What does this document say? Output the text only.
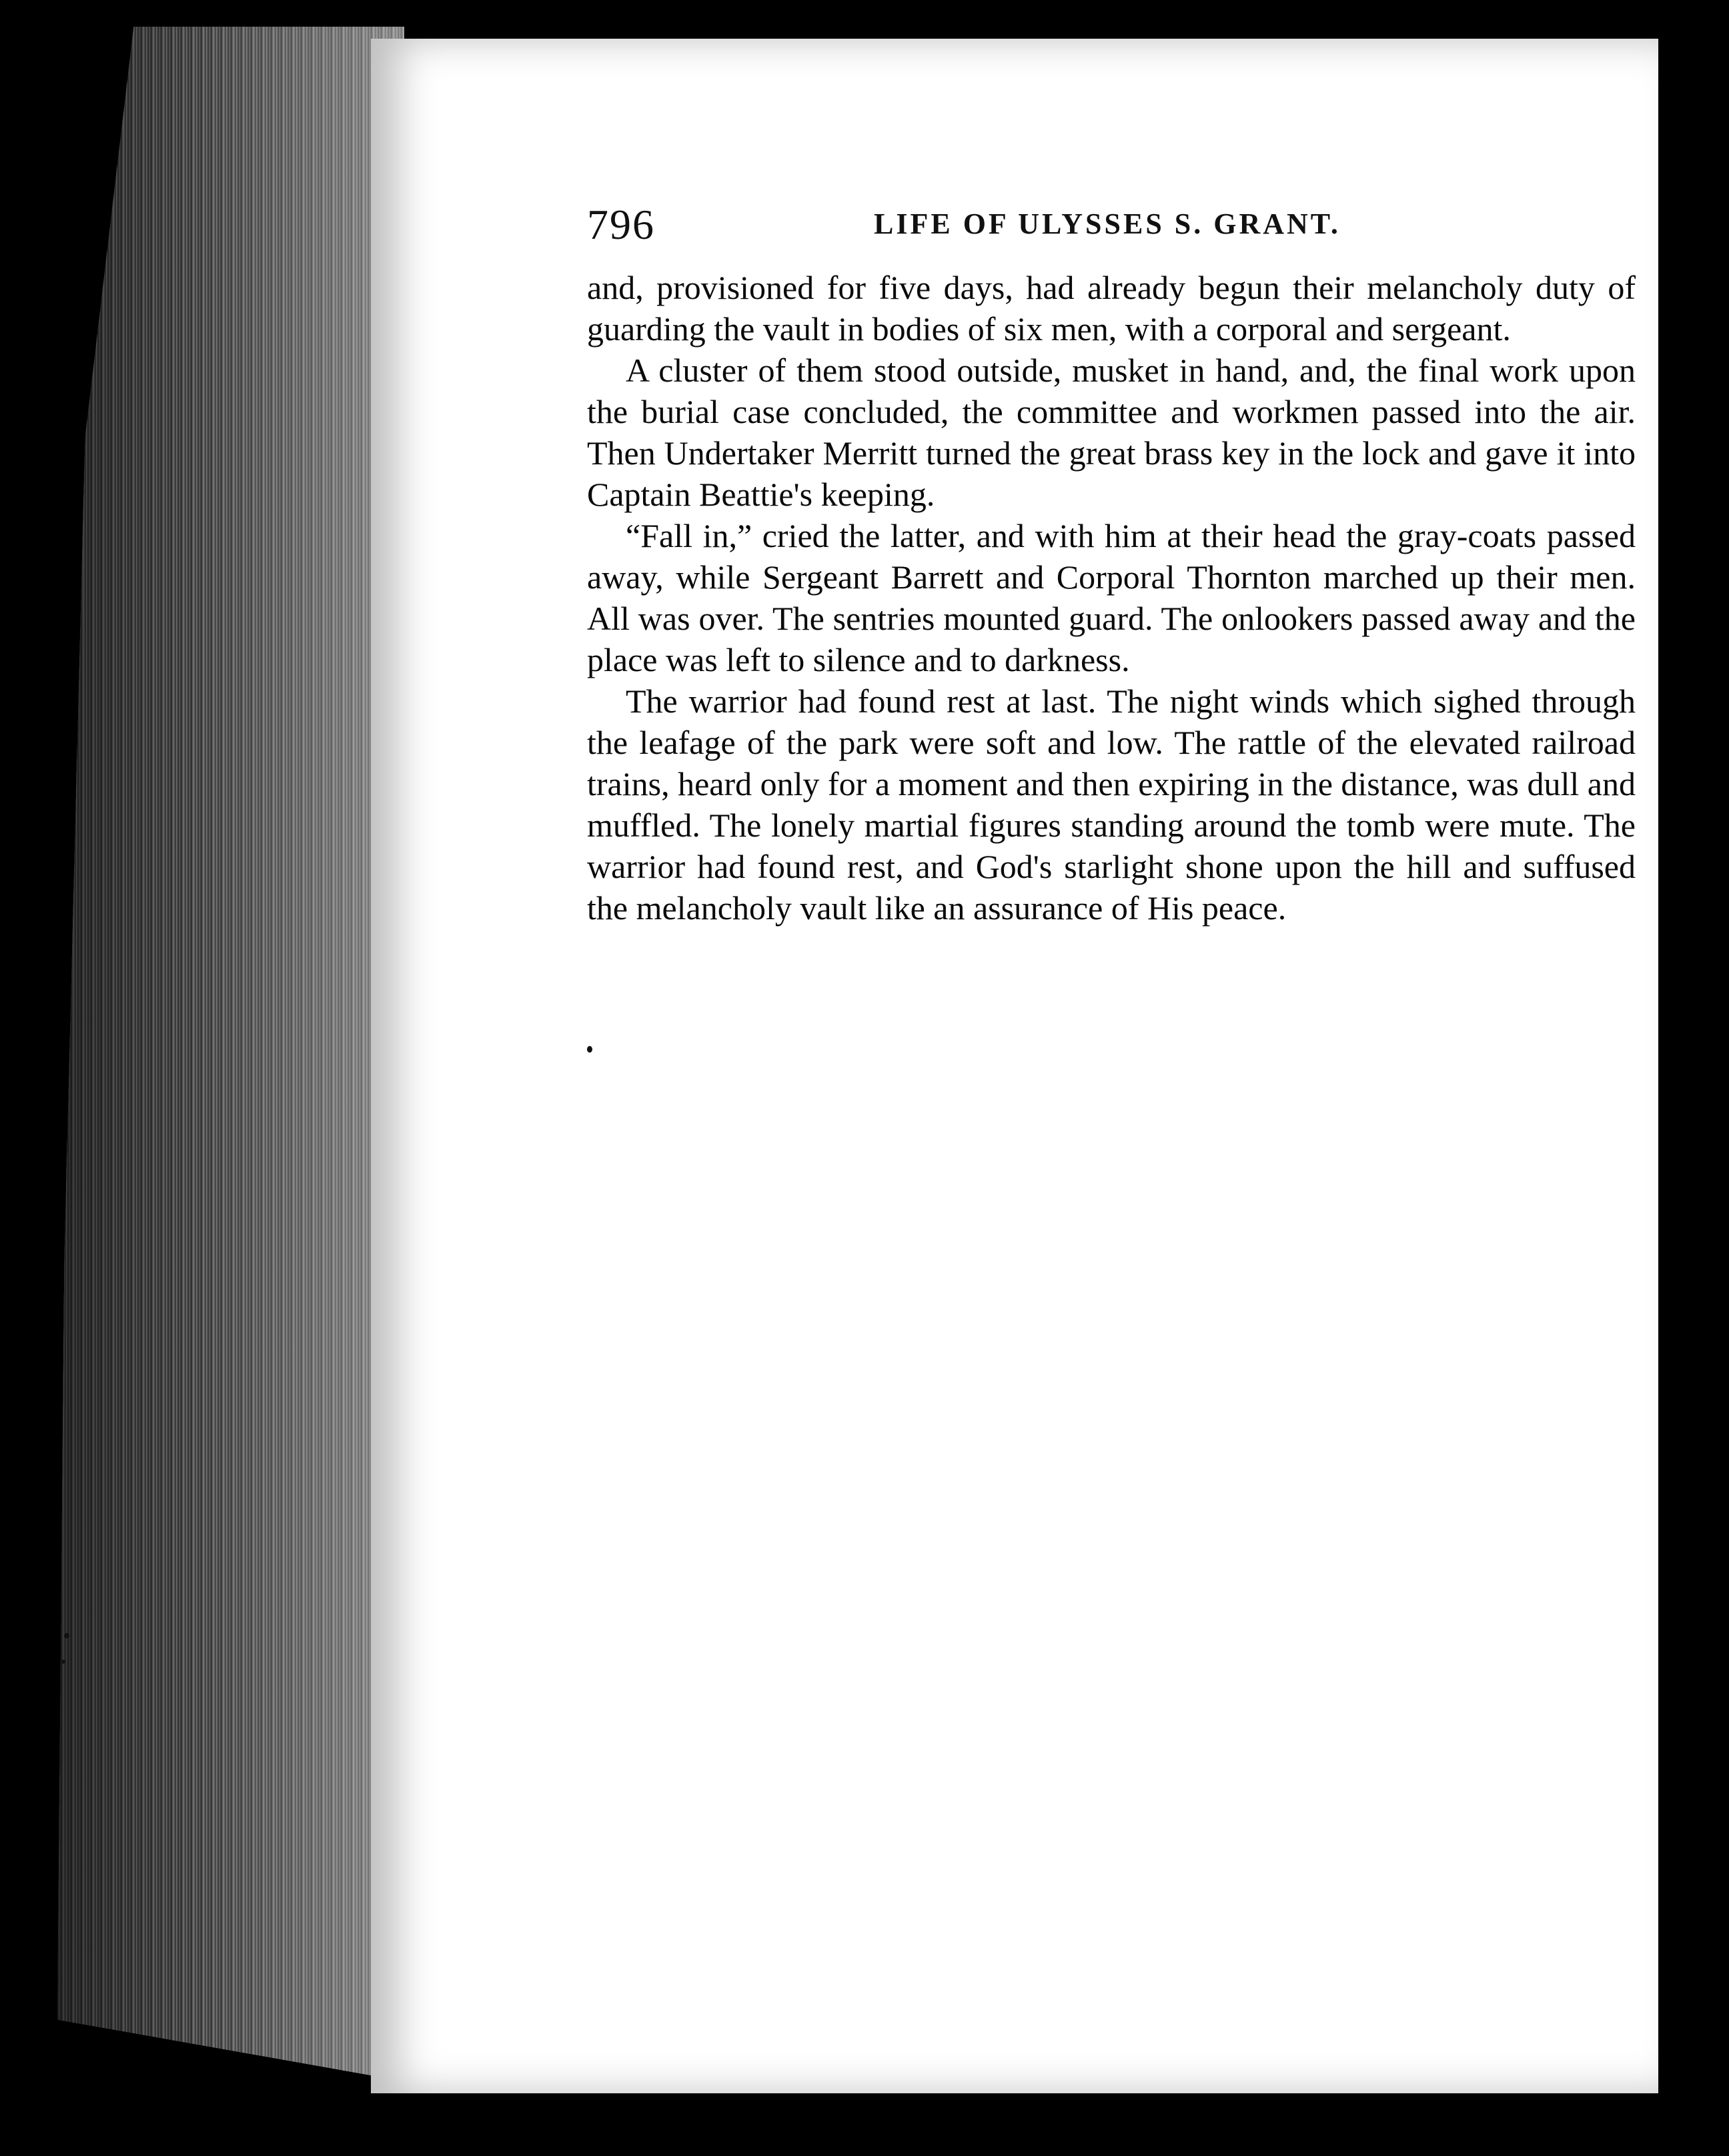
796	LIFE OF ULYSSES S. GRANT.

and, provisioned for five days, had already begun their melancholy duty of guarding the vault in bodies of six men, with a corporal and sergeant.

A cluster of them stood outside, musket in hand, and, the final work upon the burial case concluded, the committee and workmen passed into the air. Then Undertaker Merritt turned the great brass key in the lock and gave it into Captain Beattie's keeping.

“Fall in,” cried the latter, and with him at their head the gray-coats passed away, while Sergeant Barrett and Corporal Thornton marched up their men. All was over. The sentries mounted guard. The onlookers passed away and the place was left to silence and to darkness.

The warrior had found rest at last. The night winds which sighed through the leafage of the park were soft and low. The rattle of the elevated railroad trains, heard only for a moment and then expiring in the distance, was dull and muffled. The lonely martial figures standing around the tomb were mute. The warrior had found rest, and God's starlight shone upon the hill and suffused the melancholy vault like an assurance of His peace.
